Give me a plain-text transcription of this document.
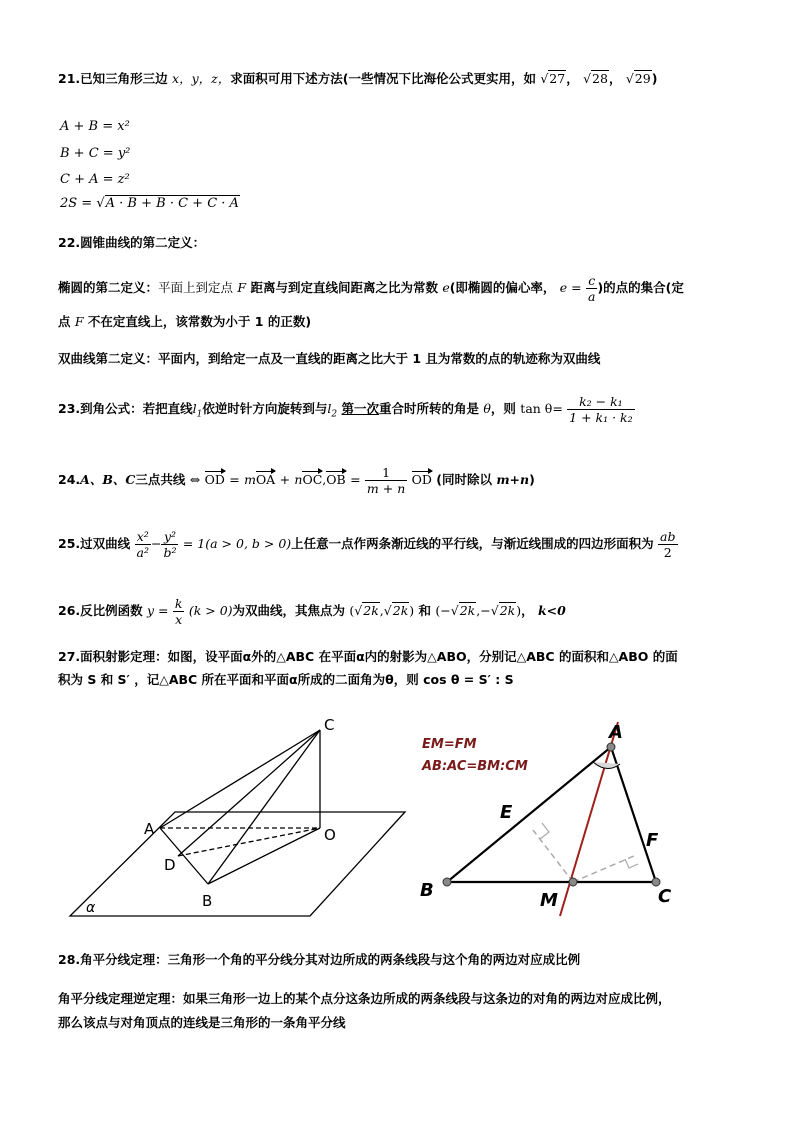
21.已知三角形三边 x，y，z，求面积可用下述方法(一些情况下比海伦公式更实用，如 √27， √28， √29)
A + B = x²
B + C = y²
C + A = z²
2S = √A · B + B · C + C · A
22.圆锥曲线的第二定义：
椭圆的第二定义：平面上到定点 F 距离与到定直线间距离之比为常数 e(即椭圆的偏心率， $e = \frac{c}{a}$ )的点的集合(定
点 F 不在定直线上，该常数为小于 1 的正数)
双曲线第二定义：平面内，到给定一点及一直线的距离之比大于 1 且为常数的点的轨迹称为双曲线
23.到角公式：若把直线$l_1$依逆时针方向旋转到与$l_2$ 第一次重合时所转的角是 θ，则 $\tan \theta= \frac{\text{k₂ − k₁}}{\text{1 + k₁ · k₂}}$
24.A、B、C三点共线 ⇔ OD = mOA + $nOC,OB = \frac{1}{m + n}$ OD (同时除以 m+n)
25.过双曲线 $\frac{\text{x²}}{\text{a²}} - \frac{\text{y²}}{\text{b²}} = 1(a > 0$, b > 0)上任意一点作两条渐近线的平行线，与渐近线围成的四边形面积为 $\frac{ab}{2}$
26.反比例函数 $y = \frac{k}{x} (k > 0)$为双曲线，其焦点为 (√2k,√2k) 和 (−√2k,−√2k)， k<0
27.面积射影定理：如图，设平面α外的△ABC 在平面α内的射影为△ABO，分别记△ABC 的面积和△ABO 的面
积为 S 和 S′ ，记△ABC 所在平面和平面α所成的二面角为θ，则 cos θ = S′ : S
C
A	O
D
B
α
EM=FM
AB:AC=BM:CM
A
B	C
E
F
M
28.角平分线定理：三角形一个角的平分线分其对边所成的两条线段与这个角的两边对应成比例
角平分线定理逆定理：如果三角形一边上的某个点分这条边所成的两条线段与这条边的对角的两边对应成比例，
那么该点与对角顶点的连线是三角形的一条角平分线
